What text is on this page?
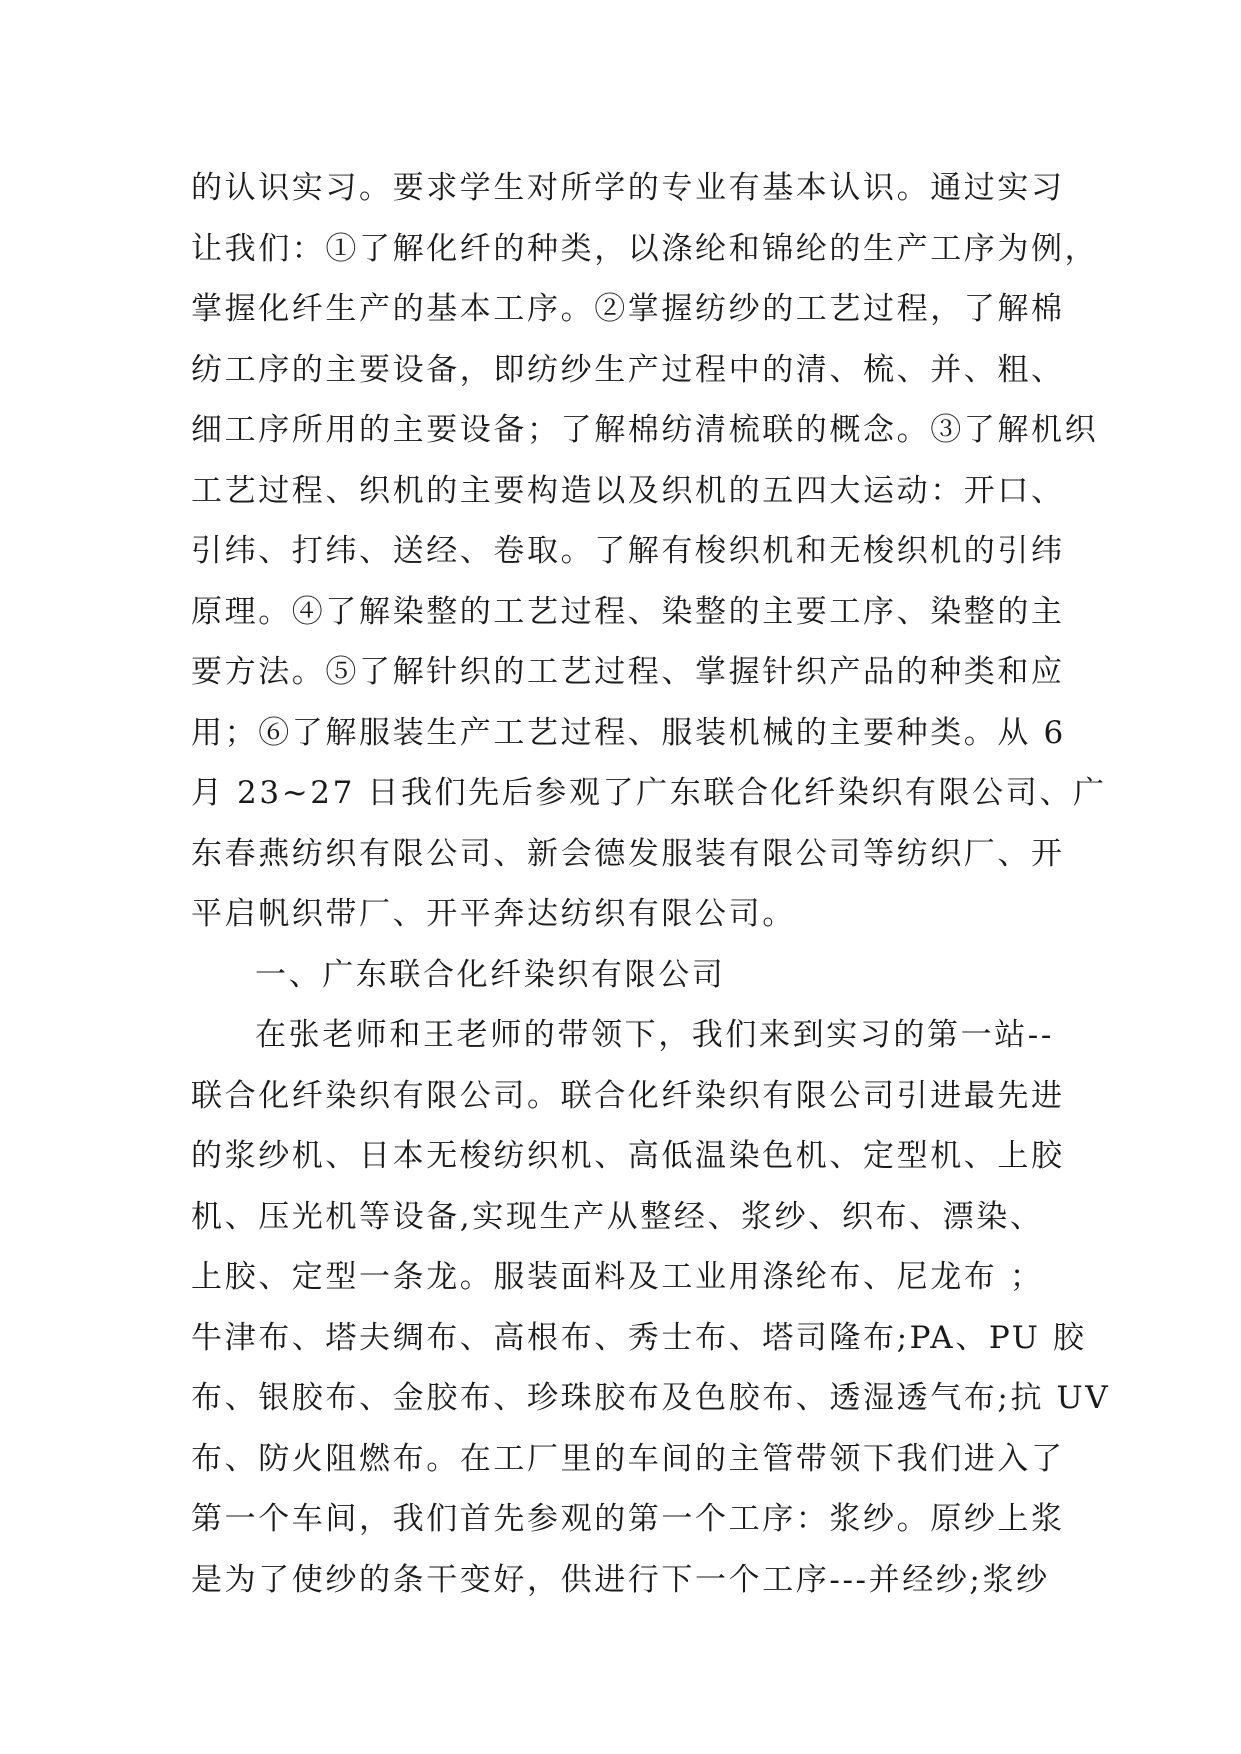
的认识实习。要求学生对所学的专业有基本认识。通过实习
让我们：①了解化纤的种类，以涤纶和锦纶的生产工序为例，
掌握化纤生产的基本工序。②掌握纺纱的工艺过程，了解棉
纺工序的主要设备，即纺纱生产过程中的清、梳、并、粗、
细工序所用的主要设备；了解棉纺清梳联的概念。③了解机织
工艺过程、织机的主要构造以及织机的五四大运动：开口、
引纬、打纬、送经、卷取。了解有梭织机和无梭织机的引纬
原理。④了解染整的工艺过程、染整的主要工序、染整的主
要方法。⑤了解针织的工艺过程、掌握针织产品的种类和应
用；⑥了解服装生产工艺过程、服装机械的主要种类。从 6
月 23~27 日我们先后参观了广东联合化纤染织有限公司、广
东春燕纺织有限公司、新会德发服装有限公司等纺织厂、开
平启帆织带厂、开平奔达纺织有限公司。
一、广东联合化纤染织有限公司
在张老师和王老师的带领下，我们来到实习的第一站--
联合化纤染织有限公司。联合化纤染织有限公司引进最先进
的浆纱机、日本无梭纺织机、高低温染色机、定型机、上胶
机、压光机等设备,实现生产从整经、浆纱、织布、漂染、
上胶、定型一条龙。服装面料及工业用涤纶布、尼龙布 ；
牛津布、塔夫绸布、高根布、秀士布、塔司隆布;PA、PU 胶
布、银胶布、金胶布、珍珠胶布及色胶布、透湿透气布;抗 UV
布、防火阻燃布。在工厂里的车间的主管带领下我们进入了
第一个车间，我们首先参观的第一个工序：浆纱。原纱上浆
是为了使纱的条干变好，供进行下一个工序---并经纱;浆纱
